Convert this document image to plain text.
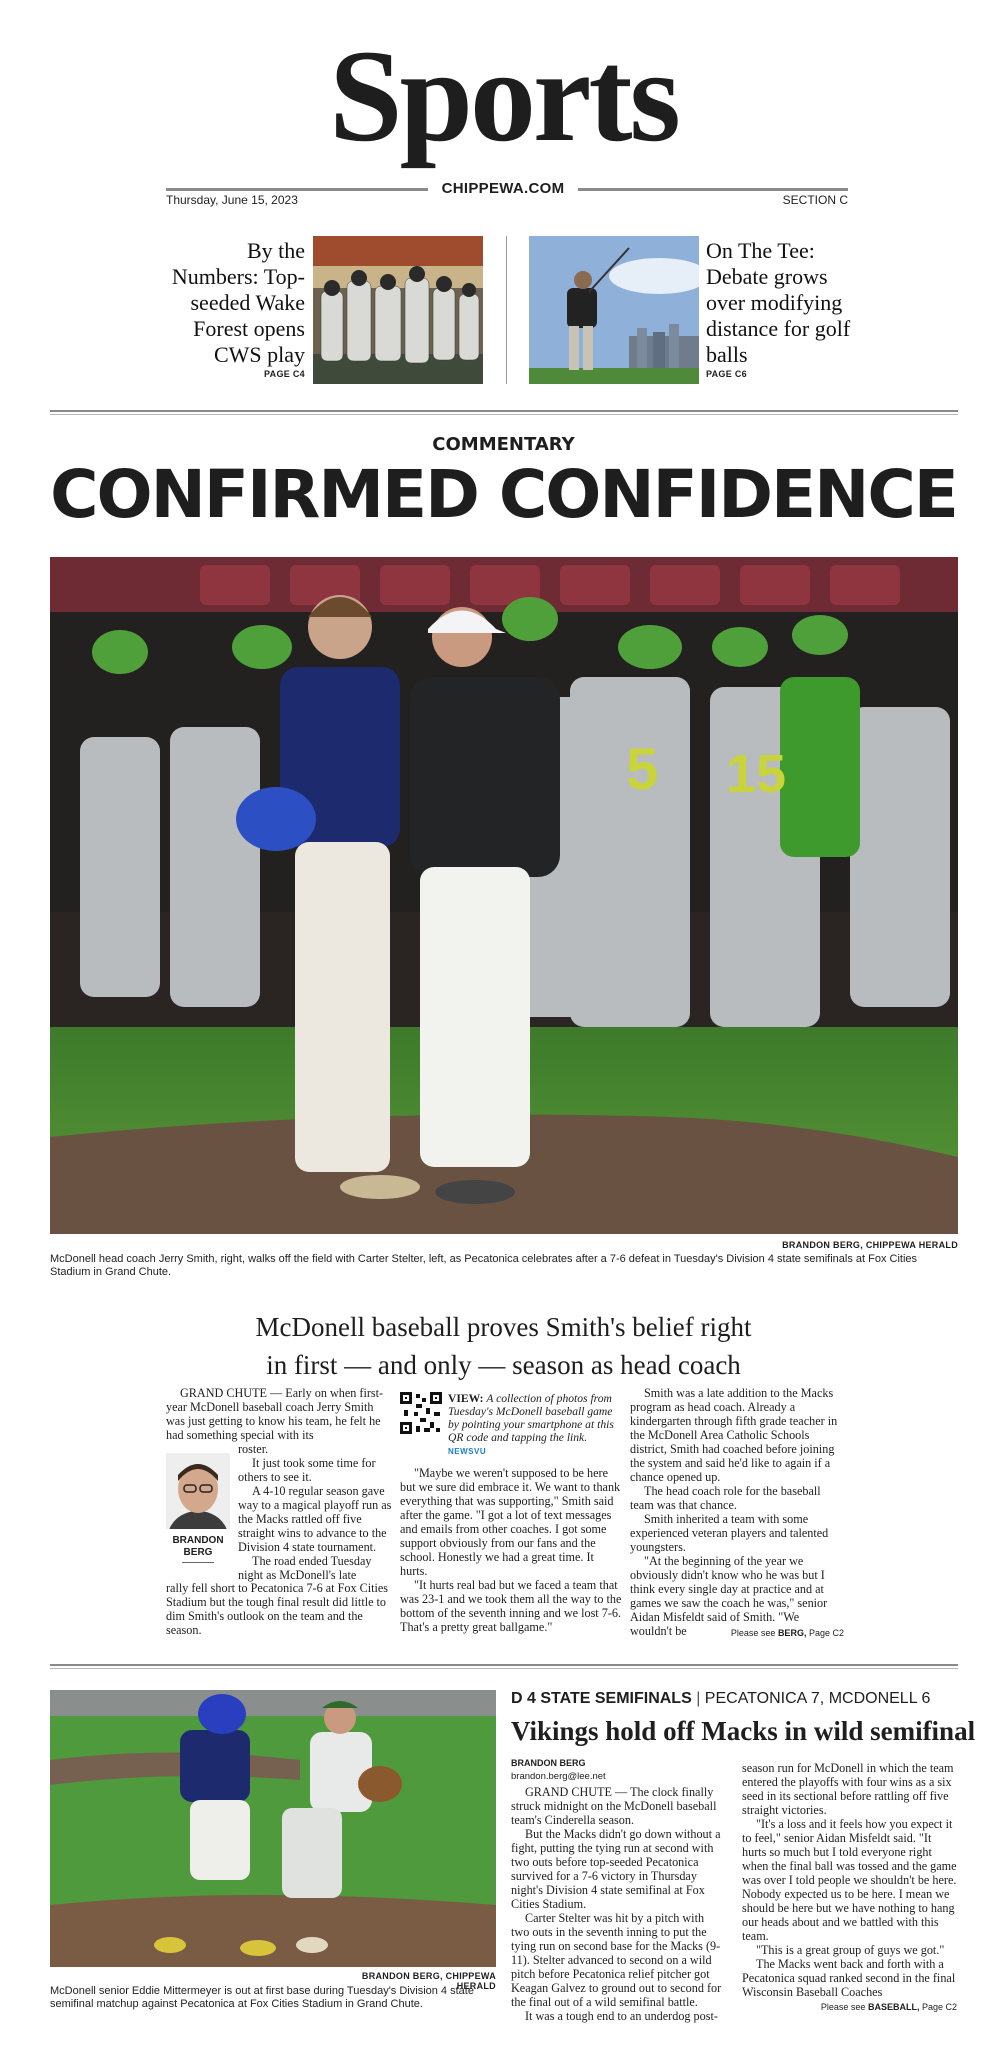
Sports
CHIPPEWA.COM
Thursday, June 15, 2023	SECTION C
By the Numbers: Top-seeded Wake Forest opens CWS play
PAGE C4
On The Tee: Debate grows over modifying distance for golf balls
PAGE C6
COMMENTARY
CONFIRMED CONFIDENCE
5 15
BRANDON BERG, CHIPPEWA HERALD
McDonell head coach Jerry Smith, right, walks off the field with Carter Stelter, left, as Pecatonica celebrates after a 7-6 defeat in Tuesday's Division 4 state semifinals at Fox Cities Stadium in Grand Chute.
McDonell baseball proves Smith's belief right
in first — and only — season as head coach

GRAND CHUTE — Early on when first-year McDonell baseball coach Jerry Smith was just getting to know his team, he felt he had something special with its

BRANDON
BERG

roster.

It just took some time for others to see it.

A 4-10 regular season gave way to a magical playoff run as the Macks rattled off five straight wins to advance to the Division 4 state tournament.

The road ended Tuesday night as McDonell's late

rally fell short to Pecatonica 7-6 at Fox Cities Stadium but the tough final result did little to dim Smith's outlook on the team and the season.

VIEW: A collection of photos from Tuesday's McDonell baseball game by pointing your smartphone at this QR code and tapping the link. NEWSVU

"Maybe we weren't supposed to be here but we sure did embrace it. We want to thank everything that was supporting," Smith said after the game. "I got a lot of text messages and emails from other coaches. I got some support obviously from our fans and the school. Honestly we had a great time. It hurts.

"It hurts real bad but we faced a team that was 23-1 and we took them all the way to the bottom of the seventh inning and we lost 7-6. That's a pretty great ballgame."

Smith was a late addition to the Macks program as head coach. Already a kindergarten through fifth grade teacher in the McDonell Area Catholic Schools district, Smith had coached before joining the system and said he'd like to again if a chance opened up.

The head coach role for the baseball team was that chance.

Smith inherited a team with some experienced veteran players and talented youngsters.

"At the beginning of the year we obviously didn't know who he was but I think every single day at practice and at games we saw the coach he was," senior Aidan Misfeldt said of Smith. "We wouldn't be	Please see BERG, Page C2
BRANDON BERG, CHIPPEWA HERALD
McDonell senior Eddie Mittermeyer is out at first base during Tuesday's Division 4 state semifinal matchup against Pecatonica at Fox Cities Stadium in Grand Chute.
D 4 STATE SEMIFINALS | PECATONICA 7, MCDONELL 6
Vikings hold off Macks in wild semifinal
BRANDON BERG
brandon.berg@lee.net

GRAND CHUTE — The clock finally struck midnight on the McDonell baseball team's Cinderella season.

But the Macks didn't go down without a fight, putting the tying run at second with two outs before top-seeded Pecatonica survived for a 7-6 victory in Thursday night's Division 4 state semifinal at Fox Cities Stadium.

Carter Stelter was hit by a pitch with two outs in the seventh inning to put the tying run on second base for the Macks (9-11). Stelter advanced to second on a wild pitch before Pecatonica relief pitcher got Keagan Galvez to ground out to second for the final out of a wild semifinal battle.

It was a tough end to an underdog post-

season run for McDonell in which the team entered the playoffs with four wins as a six seed in its sectional before rattling off five straight victories.

"It's a loss and it feels how you expect it to feel," senior Aidan Misfeldt said. "It hurts so much but I told everyone right when the final ball was tossed and the game was over I told people we shouldn't be here. Nobody expected us to be here. I mean we should be here but we have nothing to hang our heads about and we battled with this team.

"This is a great group of guys we got."

The Macks went back and forth with a Pecatonica squad ranked second in the final Wisconsin Baseball Coaches

Please see BASEBALL, Page C2
